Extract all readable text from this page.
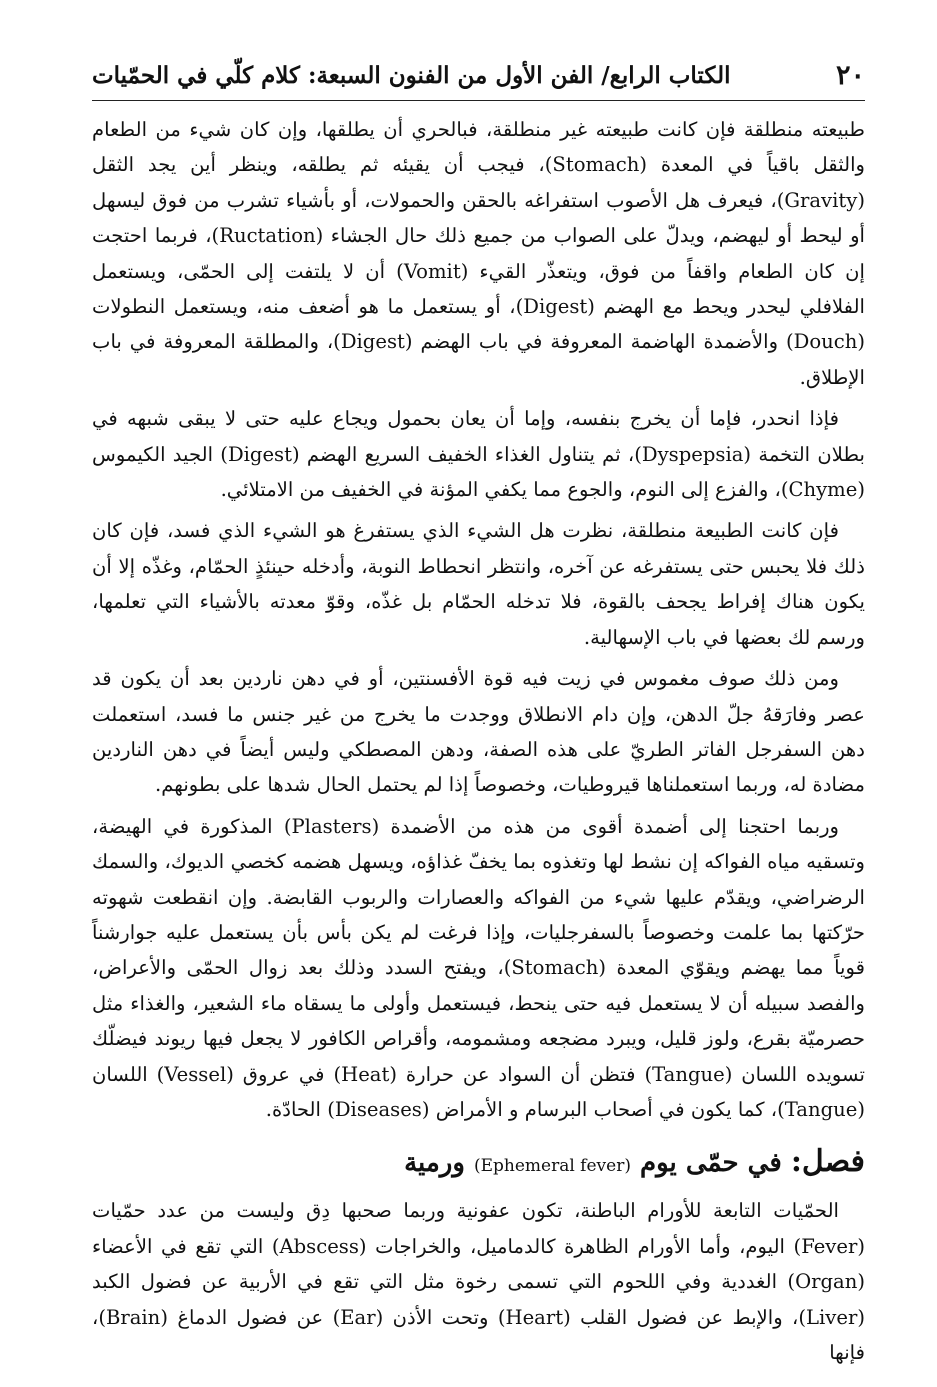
٢٠
الكتاب الرابع/ الفن الأول من الفنون السبعة: كلام كلّي في الحمّيات

طبيعته منطلقة فإن كانت طبيعته غير منطلقة، فبالحري أن يطلقها، وإن كان شيء من الطعام والثقل باقياً في المعدة (Stomach)، فيجب أن يقيئه ثم يطلقه، وينظر أين يجد الثقل (Gravity)، فيعرف هل الأصوب استفراغه بالحقن والحمولات، أو بأشياء تشرب من فوق ليسهل أو ليحط أو ليهضم، ويدلّ على الصواب من جميع ذلك حال الجشاء (Ructation)، فربما احتجت إن كان الطعام واقفاً من فوق، ويتعذّر القيء (Vomit) أن لا يلتفت إلى الحمّى، ويستعمل الفلافلي ليحدر ويحط مع الهضم (Digest)، أو يستعمل ما هو أضعف منه، ويستعمل النطولات (Douch) والأضمدة الهاضمة المعروفة في باب الهضم (Digest)، والمطلقة المعروفة في باب الإطلاق.

فإذا انحدر، فإما أن يخرج بنفسه، وإما أن يعان بحمول ويجاع عليه حتى لا يبقى شبهه في بطلان التخمة (Dyspepsia)، ثم يتناول الغذاء الخفيف السريع الهضم (Digest) الجيد الكيموس (Chyme)، والفزع إلى النوم، والجوع مما يكفي المؤنة في الخفيف من الامتلائي.

فإن كانت الطبيعة منطلقة، نظرت هل الشيء الذي يستفرغ هو الشيء الذي فسد، فإن كان ذلك فلا يحبس حتى يستفرغه عن آخره، وانتظر انحطاط النوبة، وأدخله حينئذٍ الحمّام، وغذّه إلا أن يكون هناك إفراط يجحف بالقوة، فلا تدخله الحمّام بل غذّه، وقوّ معدته بالأشياء التي تعلمها، ورسم لك بعضها في باب الإسهالية.

ومن ذلك صوف مغموس في زيت فيه قوة الأفسنتين، أو في دهن ناردين بعد أن يكون قد عصر وفارَقهُ جلّ الدهن، وإن دام الانطلاق ووجدت ما يخرج من غير جنس ما فسد، استعملت دهن السفرجل الفاتر الطريّ على هذه الصفة، ودهن المصطكي وليس أيضاً في دهن الناردين مضادة له، وربما استعملناها قيروطيات، وخصوصاً إذا لم يحتمل الحال شدها على بطونهم.

وربما احتجنا إلى أضمدة أقوى من هذه من الأضمدة (Plasters) المذكورة في الهيضة، وتسقيه مياه الفواكه إن نشط لها وتغذوه بما يخفّ غذاؤه، ويسهل هضمه كخصي الديوك، والسمك الرضراضي، ويقدّم عليها شيء من الفواكه والعصارات والربوب القابضة. وإن انقطعت شهوته حرّكتها بما علمت وخصوصاً بالسفرجليات، وإذا فرغت لم يكن بأس بأن يستعمل عليه جوارشناً قوياً مما يهضم ويقوّي المعدة (Stomach)، ويفتح السدد وذلك بعد زوال الحمّى والأعراض، والفصد سبيله أن لا يستعمل فيه حتى ينحط، فيستعمل وأولى ما يسقاه ماء الشعير، والغذاء مثل حصرميّة بقرع، ولوز قليل، ويبرد مضجعه ومشمومه، وأقراص الكافور لا يجعل فيها ريوند فيضلّك تسويده اللسان (Tangue) فتظن أن السواد عن حرارة (Heat) في عروق (Vessel) اللسان (Tangue)، كما يكون في أصحاب البرسام و الأمراض (Diseases) الحادّة.

فصل: في حمّى يوم (Ephemeral fever) ورمية

الحمّيات التابعة للأورام الباطنة، تكون عفونية وربما صحبها دِق وليست من عدد حمّيات (Fever) اليوم، وأما الأورام الظاهرة كالدماميل، والخراجات (Abscess) التي تقع في الأعضاء (Organ) الغددية وفي اللحوم التي تسمى رخوة مثل التي تقع في الأربية عن فضول الكبد (Liver)، والإبط عن فضول القلب (Heart) وتحت الأذن (Ear) عن فضول الدماغ (Brain)، فإنها
